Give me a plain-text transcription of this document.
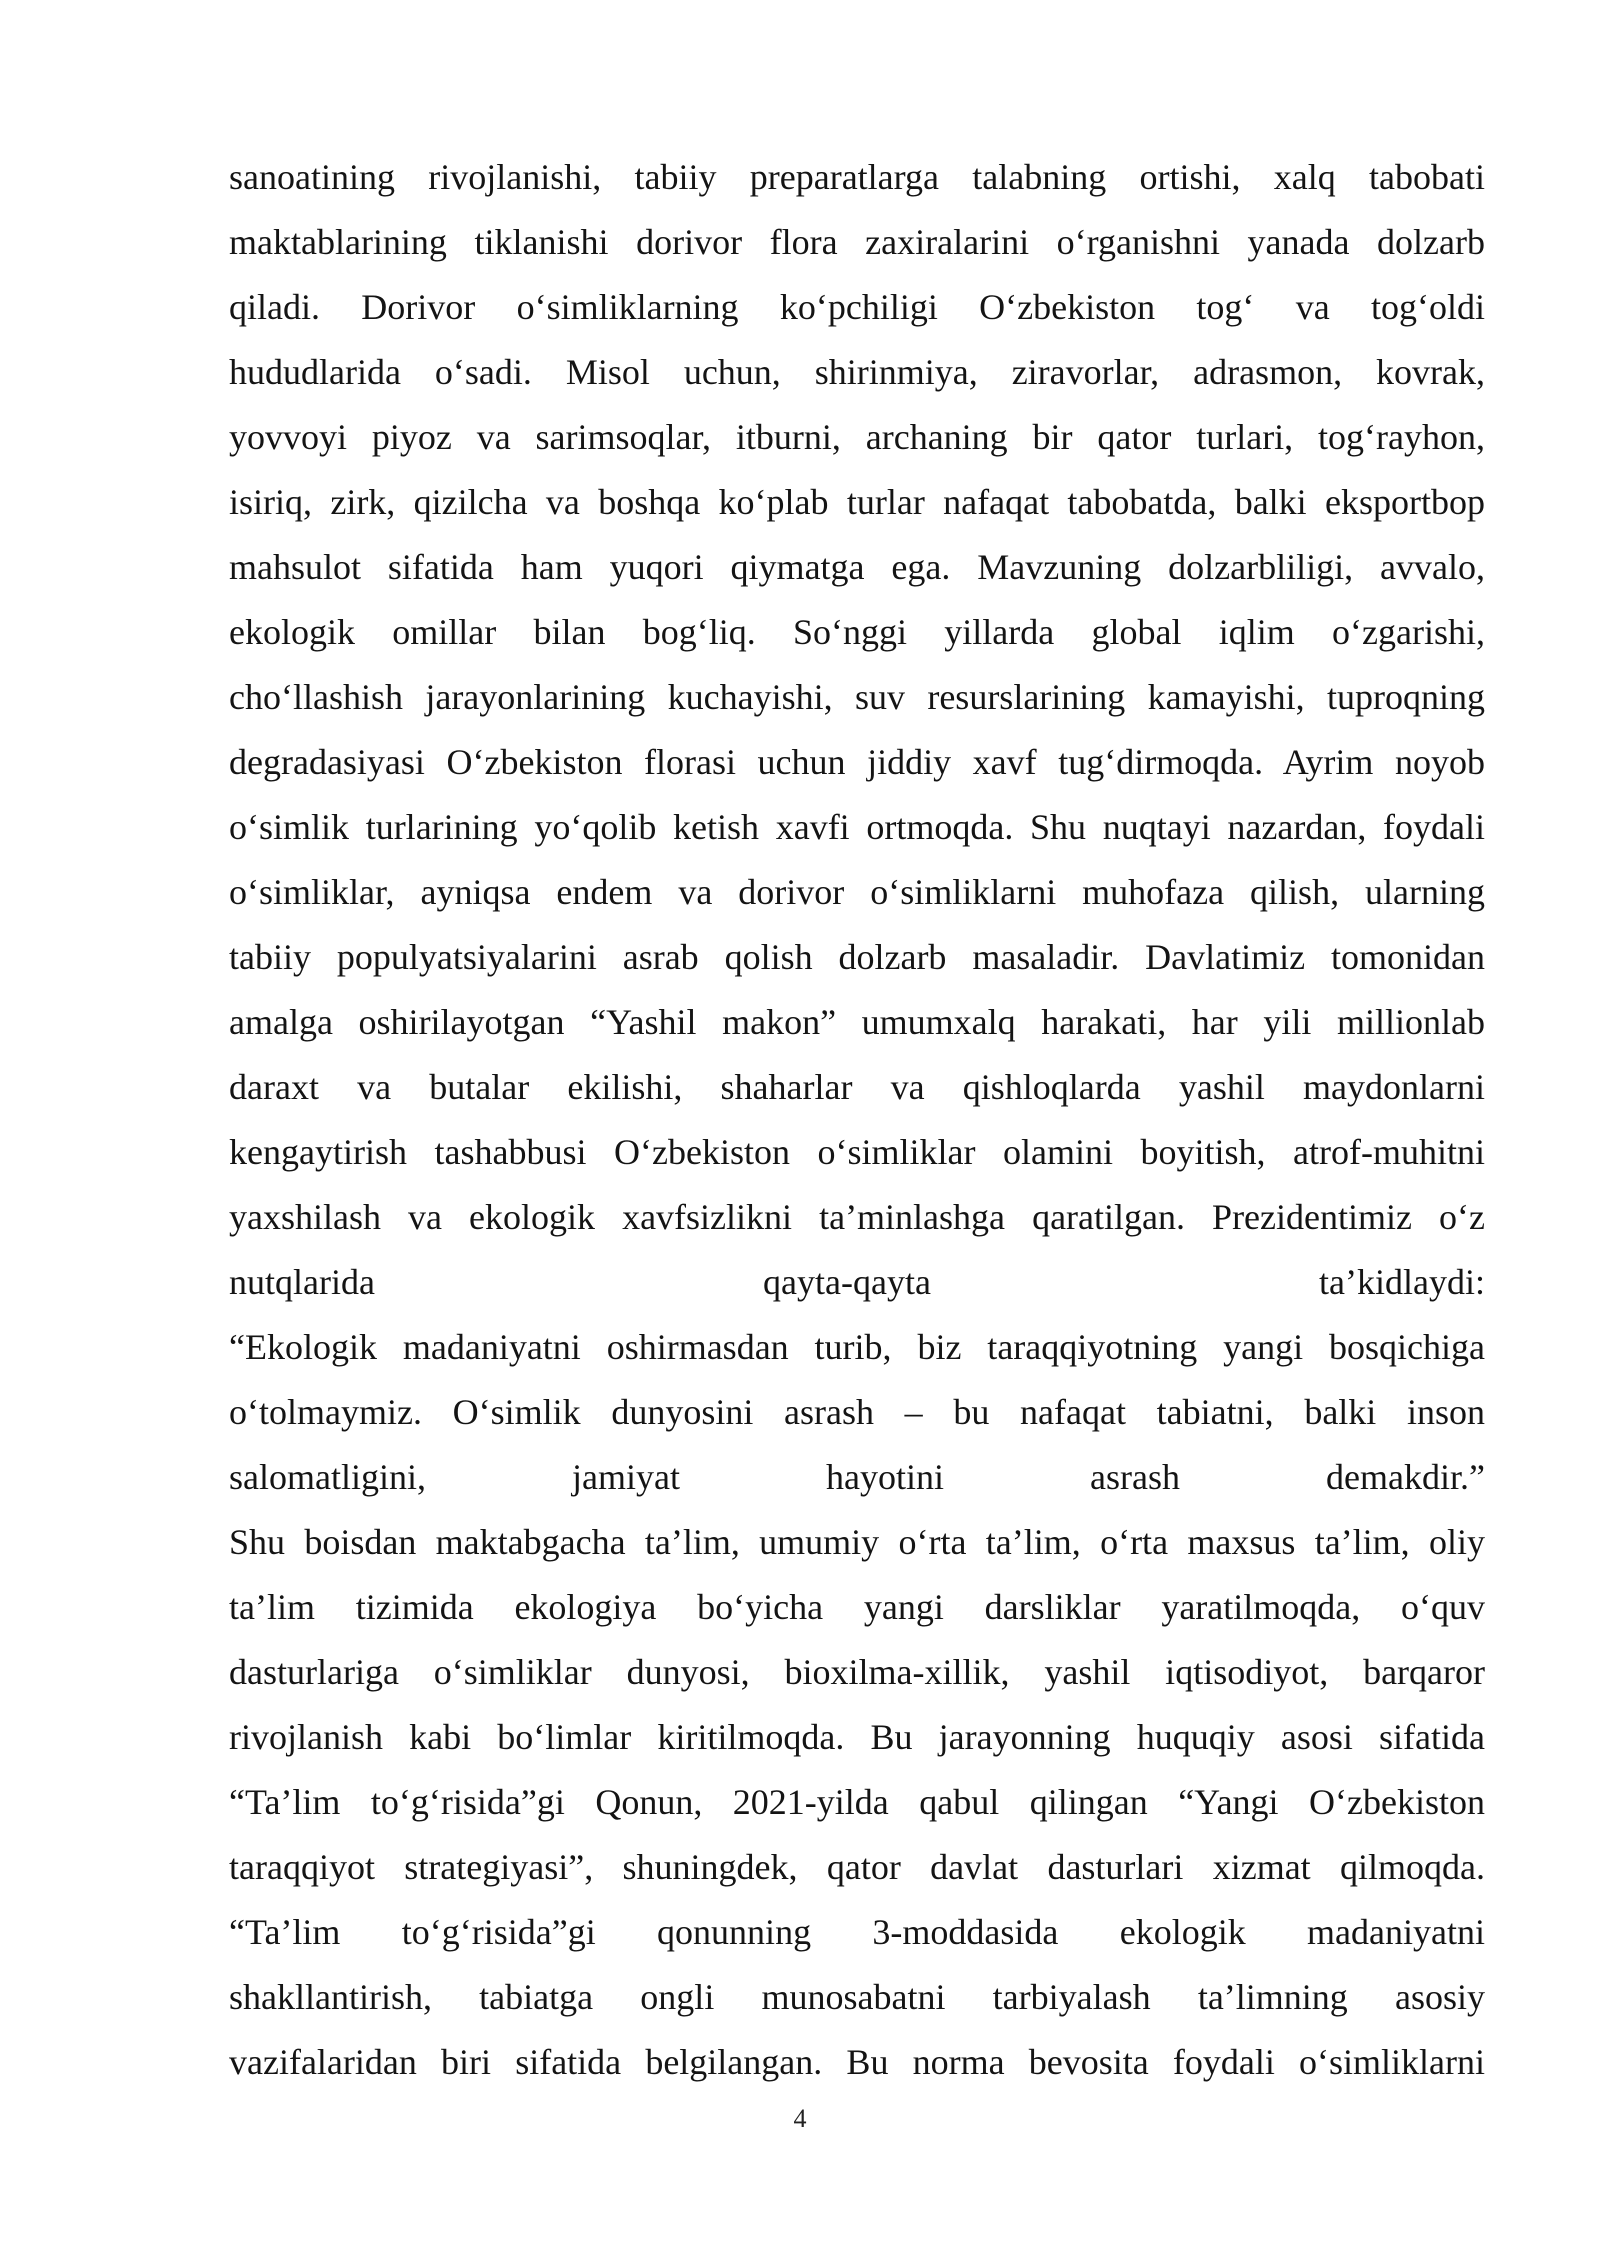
sanoatining rivojlanishi, tabiiy preparatlarga talabning ortishi, xalq tabobati
maktablarining tiklanishi dorivor flora zaxiralarini o‘rganishni yanada dolzarb
qiladi. Dorivor o‘simliklarning ko‘pchiligi O‘zbekiston tog‘ va tog‘oldi
hududlarida o‘sadi. Misol uchun, shirinmiya, ziravorlar, adrasmon, kovrak,
yovvoyi piyoz va sarimsoqlar, itburni, archaning bir qator turlari, tog‘rayhon,
isiriq, zirk, qizilcha va boshqa ko‘plab turlar nafaqat tabobatda, balki eksportbop
mahsulot sifatida ham yuqori qiymatga ega. Mavzuning dolzarbliligi, avvalo,
ekologik omillar bilan bog‘liq. So‘nggi yillarda global iqlim o‘zgarishi,
cho‘llashish jarayonlarining kuchayishi, suv resurslarining kamayishi, tuproqning
degradasiyasi O‘zbekiston florasi uchun jiddiy xavf tug‘dirmoqda. Ayrim noyob
o‘simlik turlarining yo‘qolib ketish xavfi ortmoqda. Shu nuqtayi nazardan, foydali
o‘simliklar, ayniqsa endem va dorivor o‘simliklarni muhofaza qilish, ularning
tabiiy populyatsiyalarini asrab qolish dolzarb masaladir. Davlatimiz tomonidan
amalga oshirilayotgan “Yashil makon” umumxalq harakati, har yili millionlab
daraxt va butalar ekilishi, shaharlar va qishloqlarda yashil maydonlarni
kengaytirish tashabbusi O‘zbekiston o‘simliklar olamini boyitish, atrof-muhitni
yaxshilash va ekologik xavfsizlikni ta’minlashga qaratilgan. Prezidentimiz o‘z
nutqlarida qayta-qayta ta’kidlaydi:
“Ekologik madaniyatni oshirmasdan turib, biz taraqqiyotning yangi bosqichiga
o‘tolmaymiz. O‘simlik dunyosini asrash – bu nafaqat tabiatni, balki inson
salomatligini, jamiyat hayotini asrash demakdir.”
Shu boisdan maktabgacha ta’lim, umumiy o‘rta ta’lim, o‘rta maxsus ta’lim, oliy
ta’lim tizimida ekologiya bo‘yicha yangi darsliklar yaratilmoqda, o‘quv
dasturlariga o‘simliklar dunyosi, bioxilma-xillik, yashil iqtisodiyot, barqaror
rivojlanish kabi bo‘limlar kiritilmoqda. Bu jarayonning huquqiy asosi sifatida
“Ta’lim to‘g‘risida”gi Qonun, 2021-yilda qabul qilingan “Yangi O‘zbekiston
taraqqiyot strategiyasi”, shuningdek, qator davlat dasturlari xizmat qilmoqda.
“Ta’lim to‘g‘risida”gi qonunning 3-moddasida ekologik madaniyatni
shakllantirish, tabiatga ongli munosabatni tarbiyalash ta’limning asosiy
vazifalaridan biri sifatida belgilangan. Bu norma bevosita foydali o‘simliklarni
4
